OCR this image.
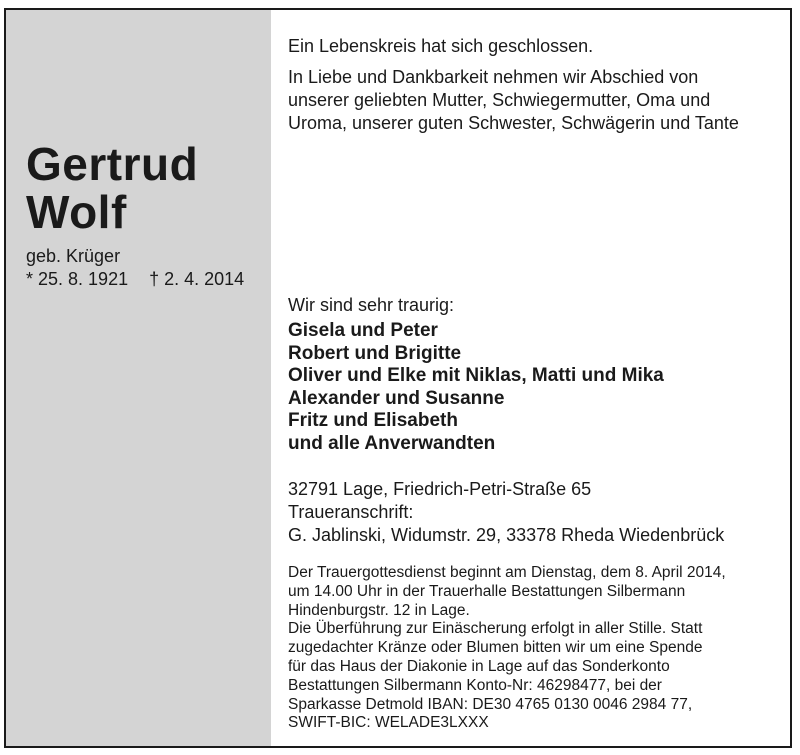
Gertrud
Wolf
geb. Krüger
* 25. 8. 1921 † 2. 4. 2014
Ein Lebenskreis hat sich geschlossen.
In Liebe und Dankbarkeit nehmen wir Abschied von
unserer geliebten Mutter, Schwiegermutter, Oma und
Uroma, unserer guten Schwester, Schwägerin und Tante
Wir sind sehr traurig:
Gisela und Peter
Robert und Brigitte
Oliver und Elke mit Niklas, Matti und Mika
Alexander und Susanne
Fritz und Elisabeth
und alle Anverwandten
32791 Lage, Friedrich-Petri-Straße 65
Traueranschrift:
G. Jablinski, Widumstr. 29, 33378 Rheda Wiedenbrück
Der Trauergottesdienst beginnt am Dienstag, dem 8. April 2014,
um 14.00 Uhr in der Trauerhalle Bestattungen Silbermann
Hindenburgstr. 12 in Lage.
Die Überführung zur Einäscherung erfolgt in aller Stille. Statt
zugedachter Kränze oder Blumen bitten wir um eine Spende
für das Haus der Diakonie in Lage auf das Sonderkonto
Bestattungen Silbermann Konto-Nr: 46298477, bei der
Sparkasse Detmold IBAN: DE30 4765 0130 0046 2984 77,
SWIFT-BIC: WELADE3LXXX
